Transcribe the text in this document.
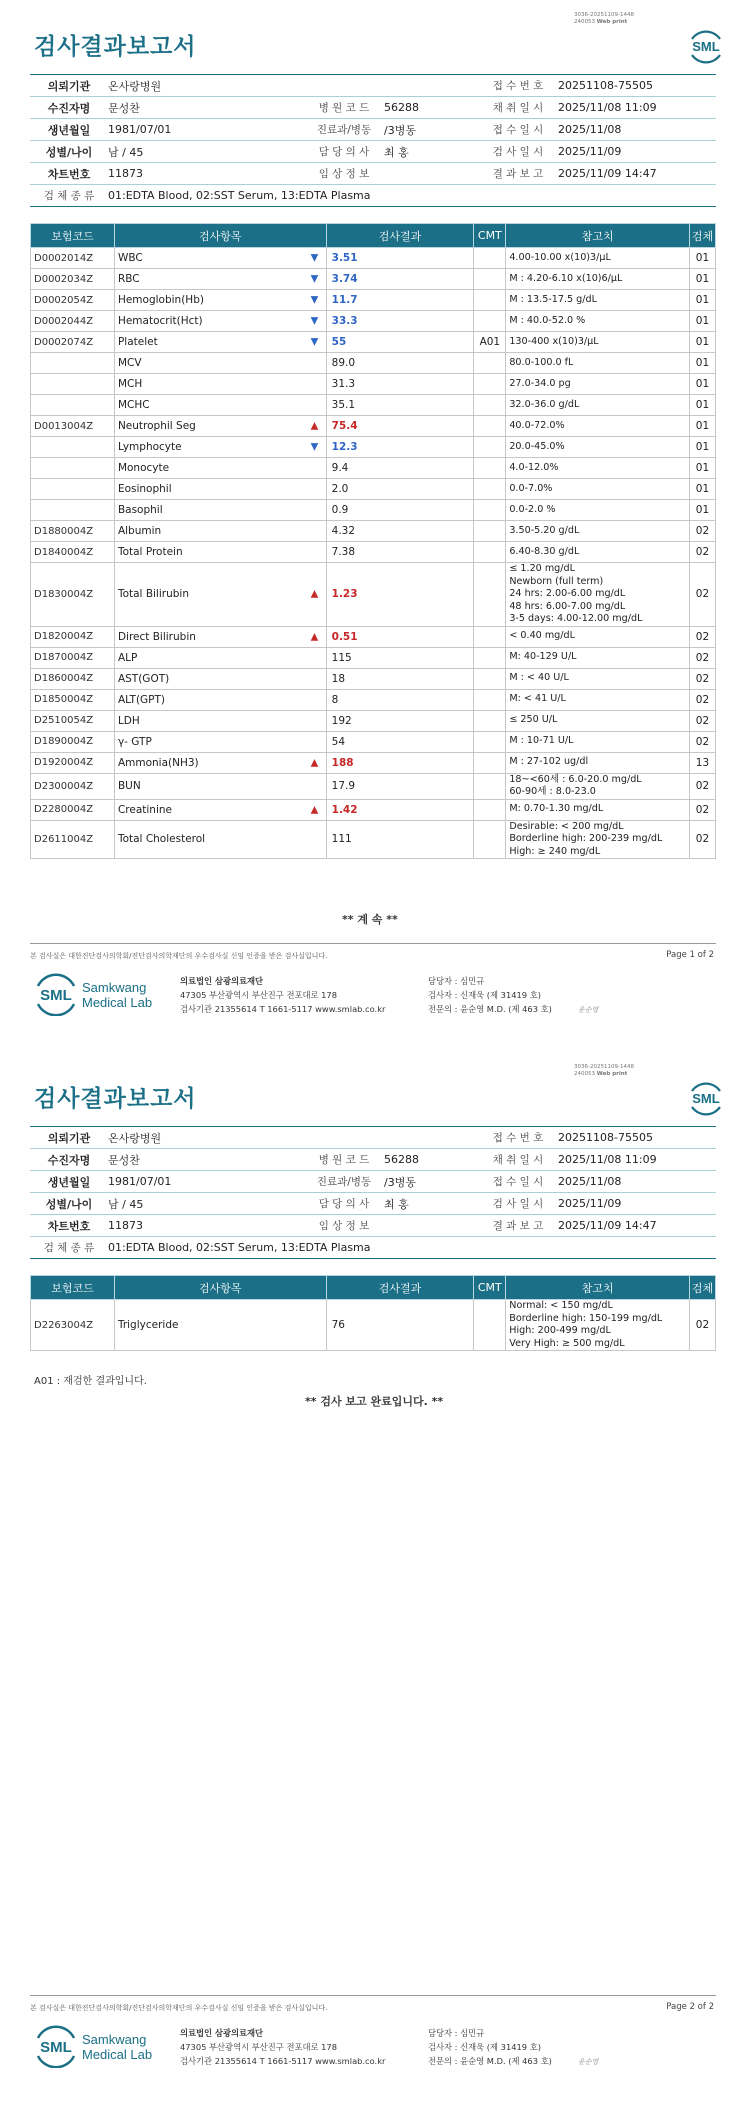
3036-20251109-1448
240053 Web print
SML
검사결과보고서
의뢰기관	온사랑병원			접 수 번 호	20251108-75505
수진자명	문성찬	병 원 코 드	56288	채 취 일 시	2025/11/08 11:09
생년월일	1981/07/01	진료과/병동	/3병동	접 수 일 시	2025/11/08
성별/나이	남 / 45	담 당 의 사	최 홍	검 사 일 시	2025/11/09
차트번호	11873	임 상 정 보		결 과 보 고	2025/11/09 14:47
검 체 종 류	01:EDTA Blood, 02:SST Serum, 13:EDTA Plasma				
보험코드	검사항목	검사결과	CMT	참고치	검체
D0002014Z	WBC	▼ 3.51		4.00-10.00 x(10)3/μL	01
D0002034Z	RBC	▼ 3.74		M : 4.20-6.10 x(10)6/μL	01
D0002054Z	Hemoglobin(Hb)	▼ 11.7		M : 13.5-17.5 g/dL	01
D0002044Z	Hematocrit(Hct)	▼ 33.3		M : 40.0-52.0 %	01
D0002074Z	Platelet	▼ 55	A01	130-400 x(10)3/μL	01
	MCV	89.0		80.0-100.0 fL	01
	MCH	31.3		27.0-34.0 pg	01
	MCHC	35.1		32.0-36.0 g/dL	01
D0013004Z	Neutrophil Seg	▲ 75.4		40.0-72.0%	01
	Lymphocyte	▼ 12.3		20.0-45.0%	01
	Monocyte	9.4		4.0-12.0%	01
	Eosinophil	2.0		0.0-7.0%	01
	Basophil	0.9		0.0-2.0 %	01
D1880004Z	Albumin	4.32		3.50-5.20 g/dL	02
D1840004Z	Total Protein	7.38		6.40-8.30 g/dL	02
D1830004Z	Total Bilirubin	▲ 1.23		≤ 1.20 mg/dL
Newborn (full term)
24 hrs: 2.00-6.00 mg/dL
48 hrs: 6.00-7.00 mg/dL
3-5 days: 4.00-12.00 mg/dL	02
D1820004Z	Direct Bilirubin	▲ 0.51		< 0.40 mg/dL	02
D1870004Z	ALP	115		M: 40-129 U/L	02
D1860004Z	AST(GOT)	18		M : < 40 U/L	02
D1850004Z	ALT(GPT)	8		M: < 41 U/L	02
D2510054Z	LDH	192		≤ 250 U/L	02
D1890004Z	γ- GTP	54		M : 10-71 U/L	02
D1920004Z	Ammonia(NH3)	▲ 188		M : 27-102 ug/dl	13
D2300004Z	BUN	17.9		18~<60세 : 6.0-20.0 mg/dL
60-90세 : 8.0-23.0	02
D2280004Z	Creatinine	▲ 1.42		M: 0.70-1.30 mg/dL	02
D2611004Z	Total Cholesterol	111		Desirable: < 200 mg/dL
Borderline high: 200-239 mg/dL
High: ≥ 240 mg/dL	02
** 계 속 **
본 검사실은 대한진단검사의학회/진단검사의학재단의 우수검사실 신임 인증을 받은 검사실입니다.	Page 1 of 2
SML Samkwang
Medical Lab
의료법인 삼광의료재단
47305 부산광역시 부산진구 전포대로 178
검사기관 21355614 T 1661-5117 www.smlab.co.kr
담당자 : 심민규
검사자 : 신재욱 (제 31419 호)
전문의 : 윤순영 M.D. (제 463 호)	윤순영
3036-20251109-1448
240053 Web print
SML
검사결과보고서
의뢰기관	온사랑병원			접 수 번 호	20251108-75505
수진자명	문성찬	병 원 코 드	56288	채 취 일 시	2025/11/08 11:09
생년월일	1981/07/01	진료과/병동	/3병동	접 수 일 시	2025/11/08
성별/나이	남 / 45	담 당 의 사	최 홍	검 사 일 시	2025/11/09
차트번호	11873	임 상 정 보		결 과 보 고	2025/11/09 14:47
검 체 종 류	01:EDTA Blood, 02:SST Serum, 13:EDTA Plasma				
보험코드	검사항목	검사결과	CMT	참고치	검체
D2263004Z	Triglyceride	76		Normal: < 150 mg/dL
Borderline high: 150-199 mg/dL
High: 200-499 mg/dL
Very High: ≥ 500 mg/dL	02
A01 : 재검한 결과입니다.
** 검사 보고 완료입니다. **
본 검사실은 대한진단검사의학회/진단검사의학재단의 우수검사실 신임 인증을 받은 검사실입니다.	Page 2 of 2
SML Samkwang
Medical Lab
의료법인 삼광의료재단
47305 부산광역시 부산진구 전포대로 178
검사기관 21355614 T 1661-5117 www.smlab.co.kr
담당자 : 심민규
검사자 : 신재욱 (제 31419 호)
전문의 : 윤순영 M.D. (제 463 호)	윤순영
